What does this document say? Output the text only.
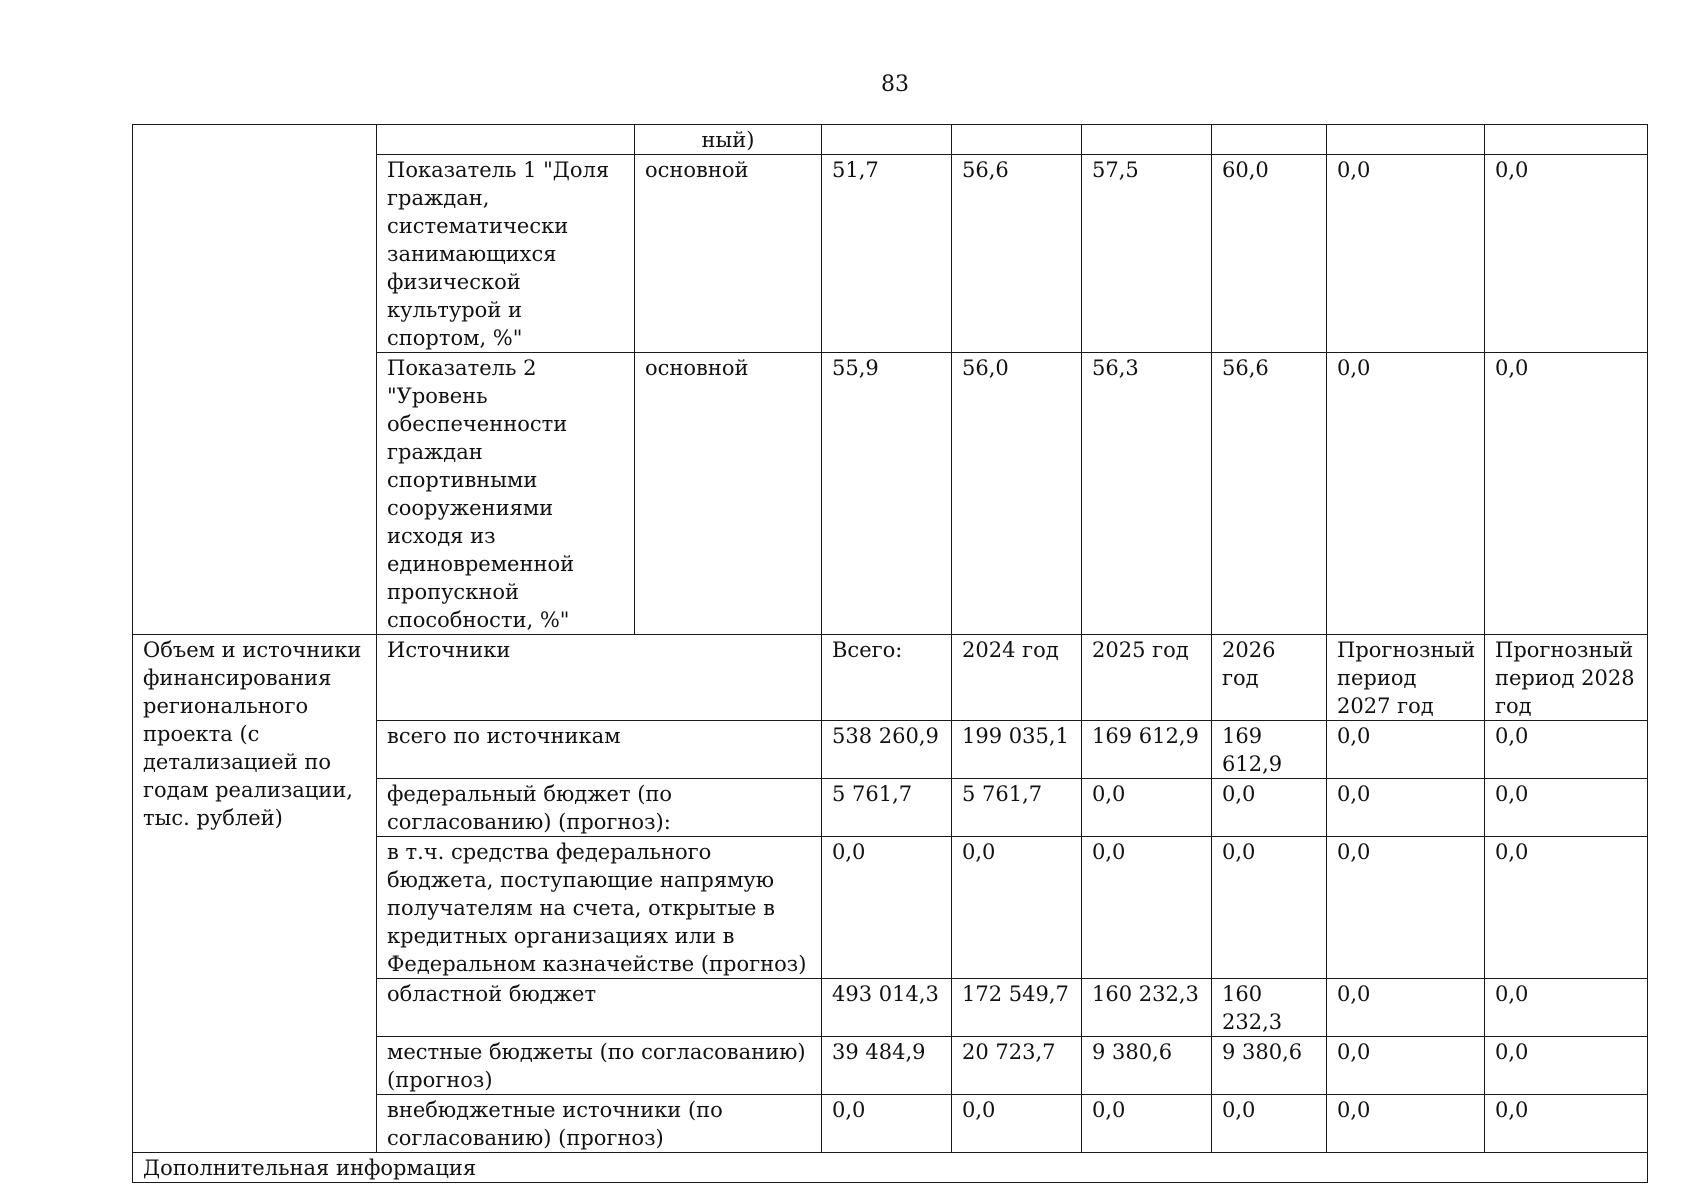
83
		ный)						
	Показатель 1 "Доля граждан, систематически занимающихся физической культурой и спортом, %"	основной	51,7	56,6	57,5	60,0	0,0	0,0
	Показатель 2 "Уровень обеспеченности граждан спортивными сооружениями исходя из единовременной пропускной способности, %"	основной	55,9	56,0	56,3	56,6	0,0	0,0
Объем и источники финансирования регионального проекта (с детализацией по годам реализации, тыс. рублей)	Источники		Всего:	2024 год	2025 год	2026 год	Прогнозный период 2027 год	Прогнозный период 2028 год
	всего по источникам		538 260,9	199 035,1	169 612,9	169 612,9	0,0	0,0
	федеральный бюджет (по согласованию) (прогноз):		5 761,7	5 761,7	0,0	0,0	0,0	0,0
	в т.ч. средства федерального бюджета, поступающие напрямую получателям на счета, открытые в кредитных организациях или в Федеральном казначействе (прогноз)		0,0	0,0	0,0	0,0	0,0	0,0
	областной бюджет		493 014,3	172 549,7	160 232,3	160 232,3	0,0	0,0
	местные бюджеты (по согласованию) (прогноз)		39 484,9	20 723,7	9 380,6	9 380,6	0,0	0,0
	внебюджетные источники (по согласованию) (прогноз)		0,0	0,0	0,0	0,0	0,0	0,0
Дополнительная информация								
